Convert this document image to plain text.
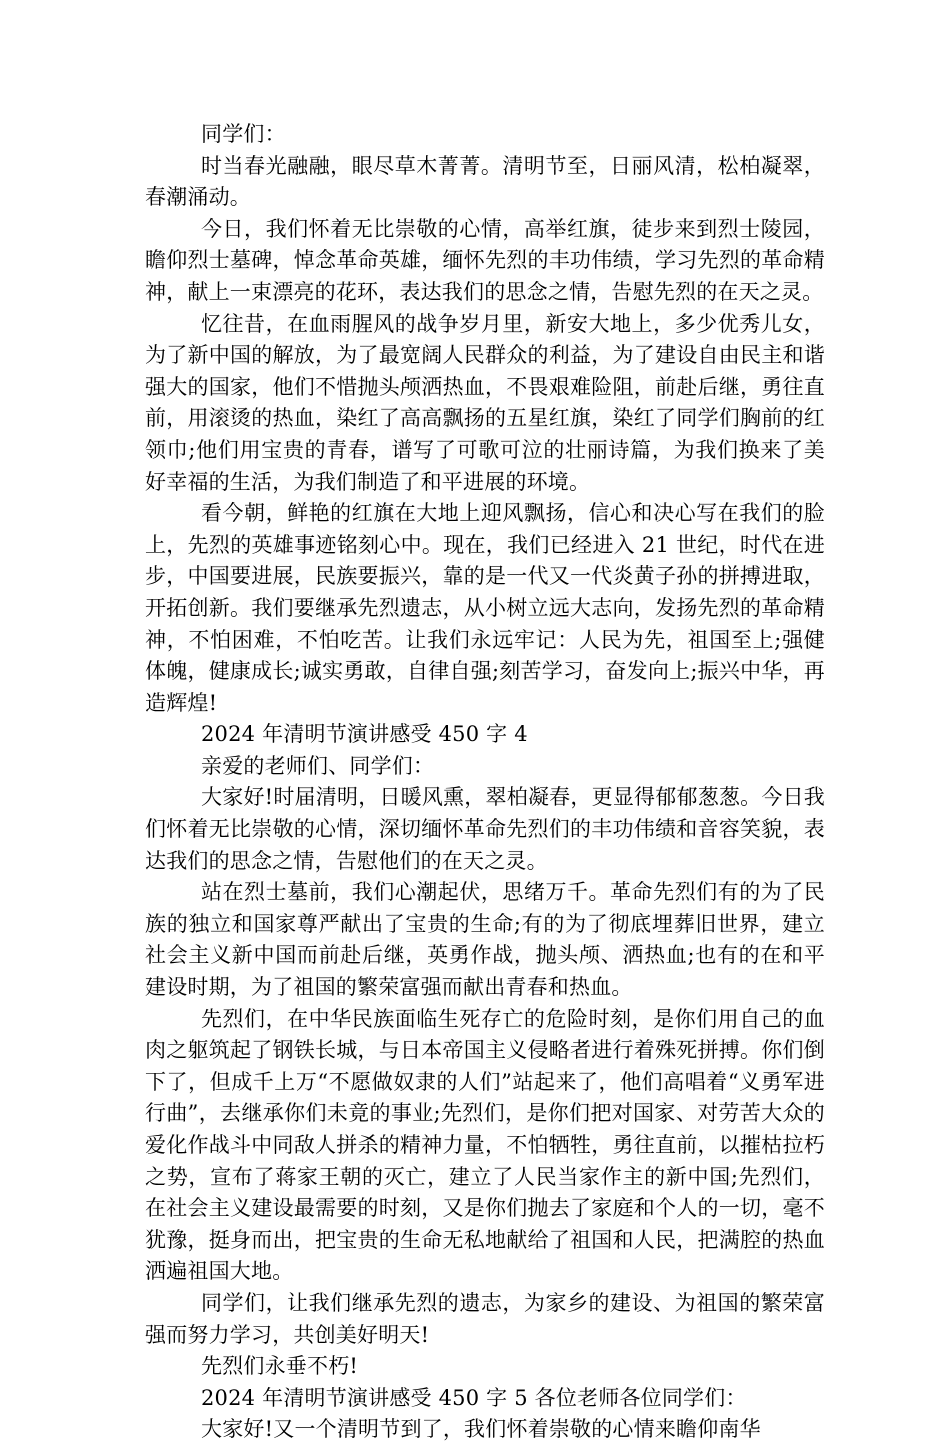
同学们：

时当春光融融，眼尽草木菁菁。清明节至，日丽风清，松柏凝翠，春潮涌动。

今日，我们怀着无比崇敬的心情，高举红旗，徒步来到烈士陵园，瞻仰烈士墓碑，悼念革命英雄，缅怀先烈的丰功伟绩，学习先烈的革命精神，献上一束漂亮的花环，表达我们的思念之情，告慰先烈的在天之灵。

忆往昔，在血雨腥风的战争岁月里，新安大地上，多少优秀儿女，为了新中国的解放，为了最宽阔人民群众的利益，为了建设自由民主和谐强大的国家，他们不惜抛头颅洒热血，不畏艰难险阻，前赴后继，勇往直前，用滚烫的热血，染红了高高飘扬的五星红旗，染红了同学们胸前的红领巾;他们用宝贵的青春，谱写了可歌可泣的壮丽诗篇，为我们换来了美好幸福的生活，为我们制造了和平进展的环境。

看今朝，鲜艳的红旗在大地上迎风飘扬，信心和决心写在我们的脸上，先烈的英雄事迹铭刻心中。现在，我们已经进入 21 世纪，时代在进步，中国要进展，民族要振兴，靠的是一代又一代炎黄子孙的拼搏进取，开拓创新。我们要继承先烈遗志，从小树立远大志向，发扬先烈的革命精神，不怕困难，不怕吃苦。让我们永远牢记：人民为先，祖国至上;强健体魄，健康成长;诚实勇敢，自律自强;刻苦学习，奋发向上;振兴中华，再造辉煌!

2024 年清明节演讲感受 450 字 4

亲爱的老师们、同学们：

大家好!时届清明，日暖风熏，翠柏凝春，更显得郁郁葱葱。今日我们怀着无比崇敬的心情，深切缅怀革命先烈们的丰功伟绩和音容笑貌，表达我们的思念之情，告慰他们的在天之灵。

站在烈士墓前，我们心潮起伏，思绪万千。革命先烈们有的为了民族的独立和国家尊严献出了宝贵的生命;有的为了彻底埋葬旧世界，建立社会主义新中国而前赴后继，英勇作战，抛头颅、洒热血;也有的在和平建设时期，为了祖国的繁荣富强而献出青春和热血。

先烈们，在中华民族面临生死存亡的危险时刻，是你们用自己的血肉之躯筑起了钢铁长城，与日本帝国主义侵略者进行着殊死拼搏。你们倒下了，但成千上万“不愿做奴隶的人们”站起来了，他们高唱着“义勇军进行曲”，去继承你们未竟的事业;先烈们，是你们把对国家、对劳苦大众的爱化作战斗中同敌人拼杀的精神力量，不怕牺牲，勇往直前，以摧枯拉朽之势，宣布了蒋家王朝的灭亡，建立了人民当家作主的新中国;先烈们，在社会主义建设最需要的时刻，又是你们抛去了家庭和个人的一切，毫不犹豫，挺身而出，把宝贵的生命无私地献给了祖国和人民，把满腔的热血洒遍祖国大地。

同学们，让我们继承先烈的遗志，为家乡的建设、为祖国的繁荣富强而努力学习，共创美好明天!

先烈们永垂不朽!

2024 年清明节演讲感受 450 字 5 各位老师各位同学们：

大家好!又一个清明节到了，我们怀着崇敬的心情来瞻仰南华
